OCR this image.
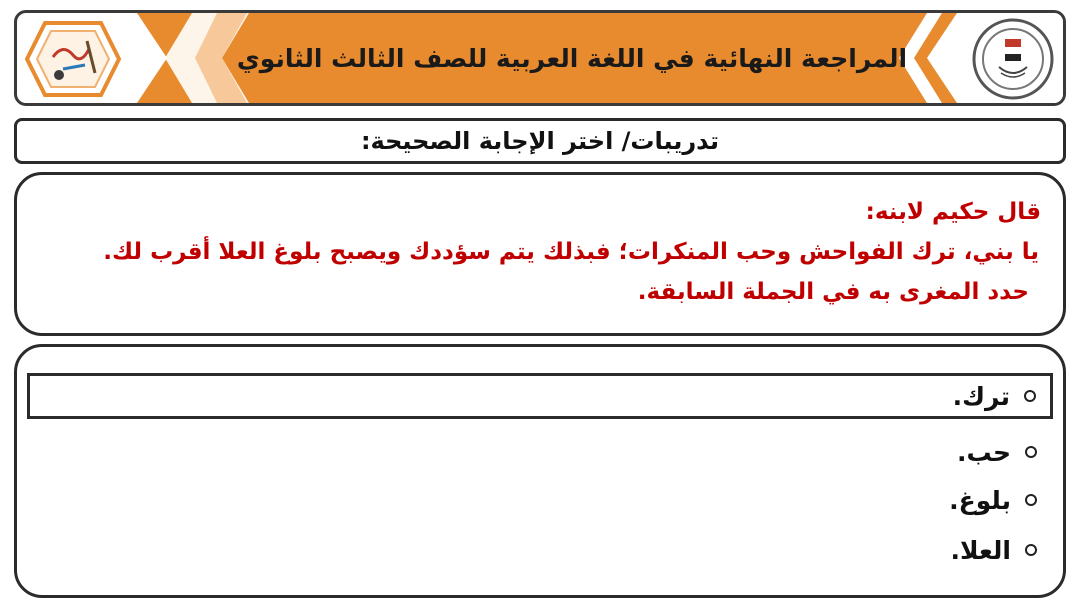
المراجعة النهائية في اللغة العربية للصف الثالث الثانوي
تدريبات/ اختر الإجابة الصحيحة:
قال حكيم لابنه:
يا بني، ترك الفواحش وحب المنكرات؛ فبذلك يتم سؤددك ويصبح بلوغ العلا أقرب لك.
حدد المغرى به في الجملة السابقة.
ترك.
حب.
بلوغ.
العلا.
